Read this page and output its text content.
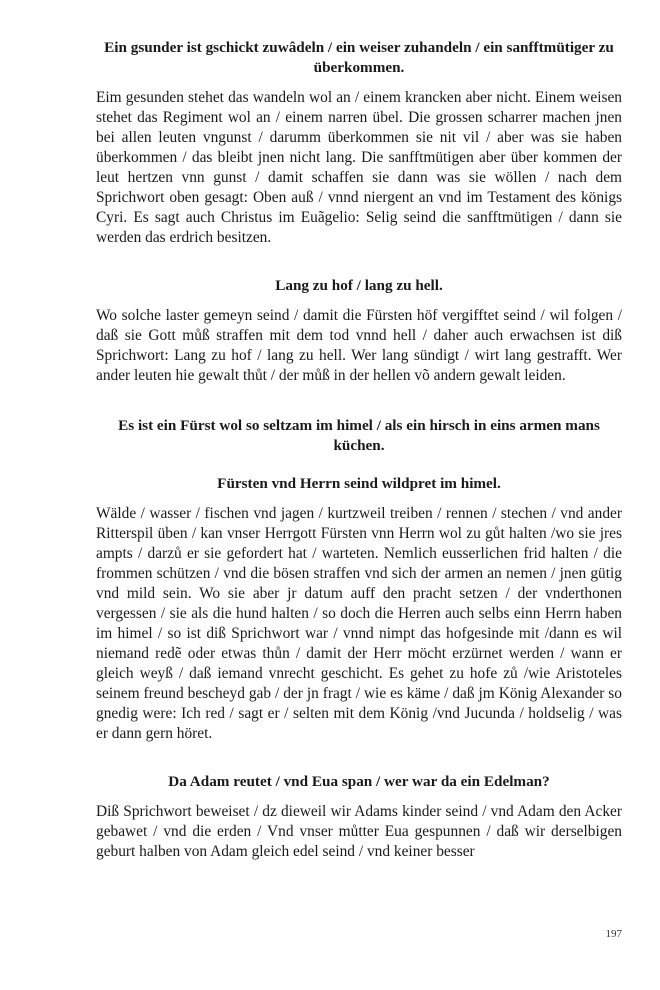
Ein gsunder ist gschickt zuwâdeln / ein weiser zuhandeln / ein sanfftmütiger zu überkommen.

Eim gesunden stehet das wandeln wol an / einem krancken aber nicht. Einem weisen stehet das Regiment wol an / einem narren übel. Die grossen scharrer machen jnen bei allen leuten vngunst / darumm überkommen sie nit vil / aber was sie haben überkommen / das bleibt jnen nicht lang. Die sanfftmütigen aber über kommen der leut hertzen vnn gunst / damit schaffen sie dann was sie wöllen / nach dem Sprichwort oben gesagt: Oben auß / vnnd niergent an vnd im Testament des königs Cyri. Es sagt auch Christus im Euãgelio: Selig seind die sanfftmütigen / dann sie werden das erdrich besitzen.

Lang zu hof / lang zu hell.

Wo solche laster gemeyn seind / damit die Fürsten höf vergifftet seind / wil folgen / daß sie Gott můß straffen mit dem tod vnnd hell / daher auch erwachsen ist diß Sprichwort: Lang zu hof / lang zu hell. Wer lang sündigt / wirt lang gestrafft. Wer ander leuten hie gewalt thůt / der můß in der hellen võ andern gewalt leiden.

Es ist ein Fürst wol so seltzam im himel / als ein hirsch in eins armen mans küchen.

Fürsten vnd Herrn seind wildpret im himel.

Wälde / wasser / fischen vnd jagen / kurtzweil treiben / rennen / stechen / vnd ander Ritterspil üben / kan vnser Herrgott Fürsten vnn Herrn wol zu gůt halten /wo sie jres ampts / darzů er sie gefordert hat / warteten. Nemlich eusserlichen frid halten / die frommen schützen / vnd die bösen straffen vnd sich der armen an nemen / jnen gütig vnd mild sein. Wo sie aber jr datum auff den pracht setzen / der vnderthonen vergessen / sie als die hund halten / so doch die Herren auch selbs einn Herrn haben im himel / so ist diß Sprichwort war / vnnd nimpt das hofgesinde mit /dann es wil niemand redẽ oder etwas thůn / damit der Herr möcht erzürnet werden / wann er gleich weyß / daß iemand vnrecht geschicht. Es gehet zu hofe zů /wie Aristoteles seinem freund bescheyd gab / der jn fragt / wie es käme / daß jm König Alexander so gnedig were: Ich red / sagt er / selten mit dem König /vnd Jucunda / holdselig / was er dann gern höret.

Da Adam reutet / vnd Eua span / wer war da ein Edelman?

Diß Sprichwort beweiset / dz dieweil wir Adams kinder seind / vnd Adam den Acker gebawet / vnd die erden / Vnd vnser můtter Eua gespunnen / daß wir derselbigen geburt halben von Adam gleich edel seind / vnd keiner besser

197
